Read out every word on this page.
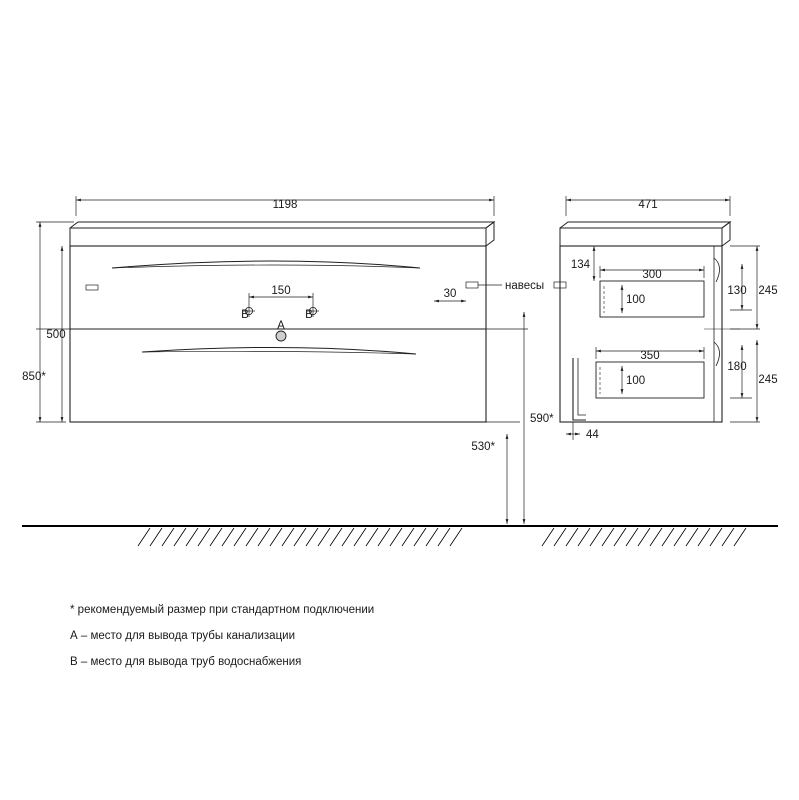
1198
500
850*
150	30
навесы
590*
530*
B	B
A
471
134
300
100
350
100
130 245
180
245
44
* рекомендуемый размер при стандартном подключении
А – место для вывода трубы канализации
В – место для вывода труб водоснабжения
